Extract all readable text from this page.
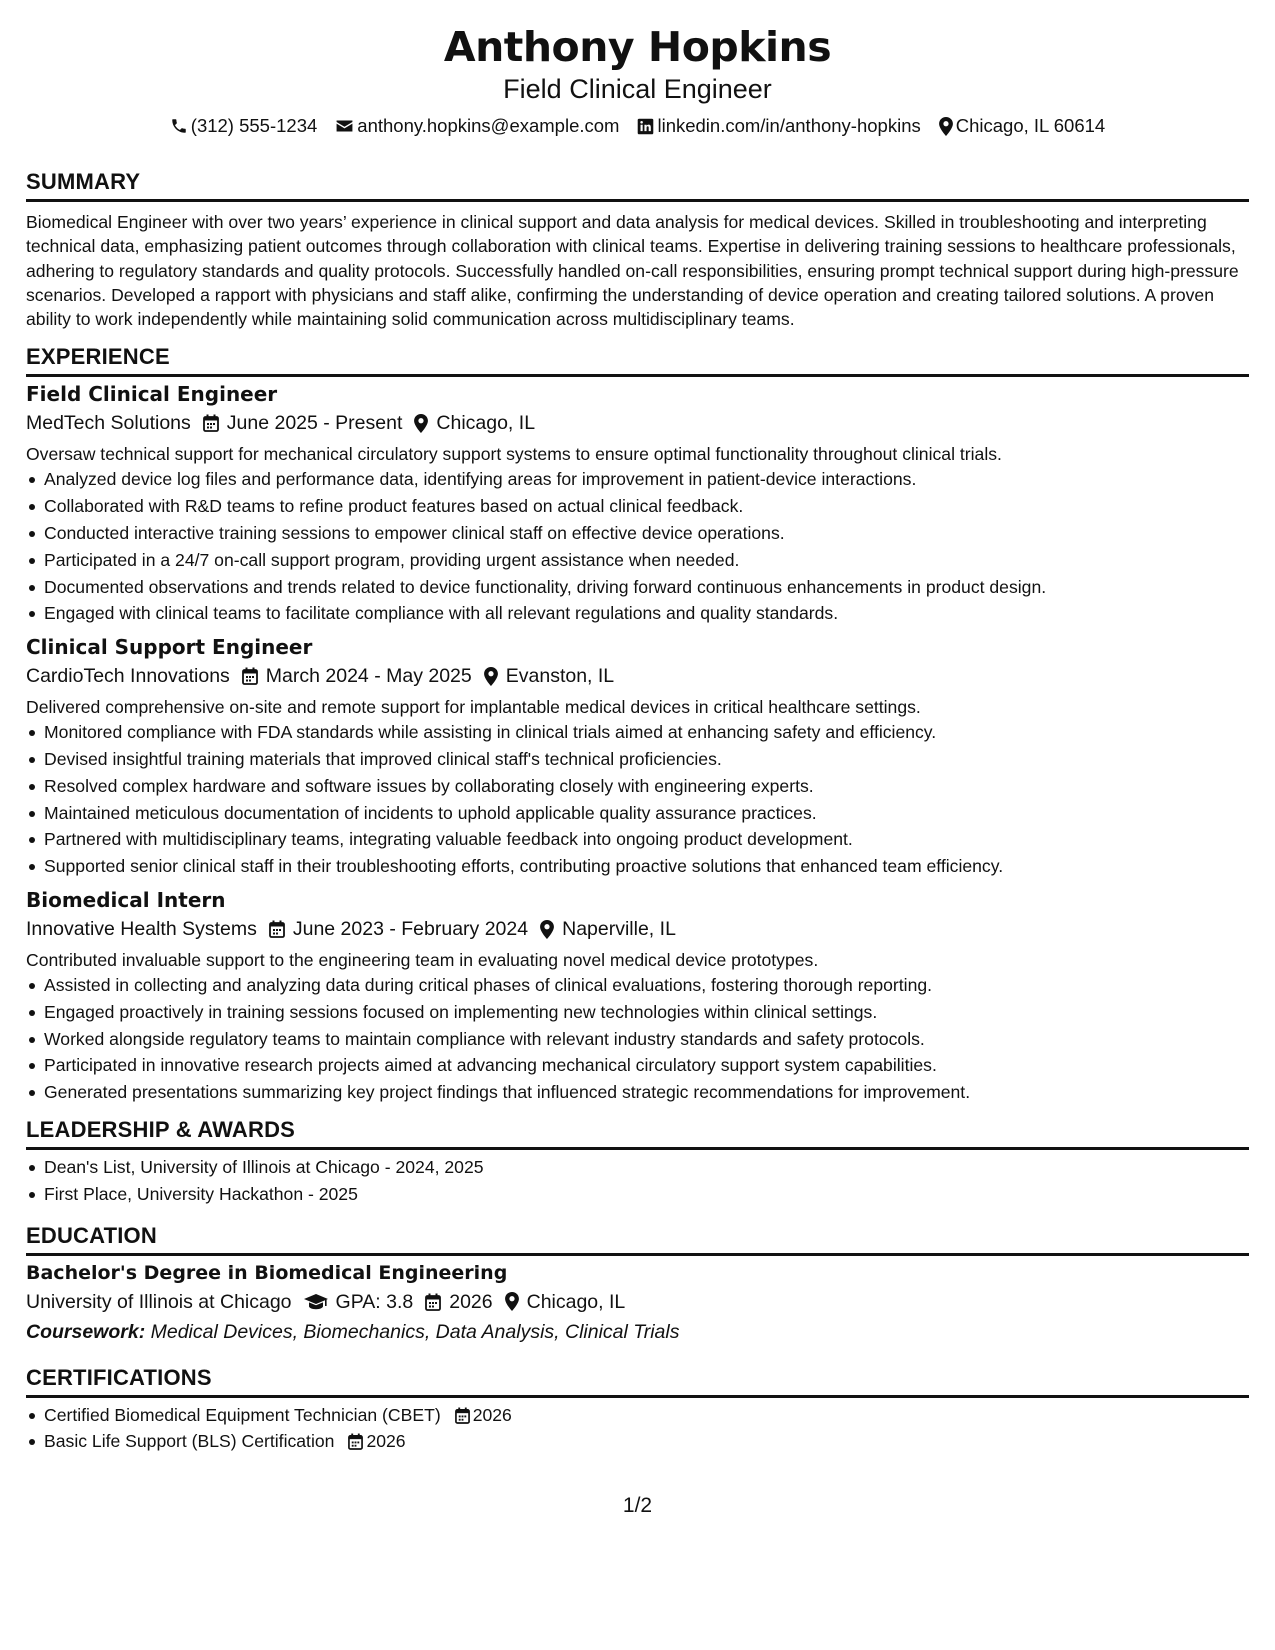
Anthony Hopkins
Field Clinical Engineer
(312) 555-1234 anthony.hopkins@example.com linkedin.com/in/anthony-hopkins Chicago, IL 60614
SUMMARY
Biomedical Engineer with over two years’ experience in clinical support and data analysis for medical devices. Skilled in troubleshooting and interpreting technical data, emphasizing patient outcomes through collaboration with clinical teams. Expertise in delivering training sessions to healthcare professionals, adhering to regulatory standards and quality protocols. Successfully handled on-call responsibilities, ensuring prompt technical support during high-pressure scenarios. Developed a rapport with physicians and staff alike, confirming the understanding of device operation and creating tailored solutions. A proven ability to work independently while maintaining solid communication across multidisciplinary teams.
EXPERIENCE
Field Clinical Engineer
MedTech Solutions June 2025 - Present Chicago, IL
Oversaw technical support for mechanical circulatory support systems to ensure optimal functionality throughout clinical trials.
Analyzed device log files and performance data, identifying areas for improvement in patient-device interactions.
Collaborated with R&D teams to refine product features based on actual clinical feedback.
Conducted interactive training sessions to empower clinical staff on effective device operations.
Participated in a 24/7 on-call support program, providing urgent assistance when needed.
Documented observations and trends related to device functionality, driving forward continuous enhancements in product design.
Engaged with clinical teams to facilitate compliance with all relevant regulations and quality standards.
Clinical Support Engineer
CardioTech Innovations March 2024 - May 2025 Evanston, IL
Delivered comprehensive on-site and remote support for implantable medical devices in critical healthcare settings.
Monitored compliance with FDA standards while assisting in clinical trials aimed at enhancing safety and efficiency.
Devised insightful training materials that improved clinical staff's technical proficiencies.
Resolved complex hardware and software issues by collaborating closely with engineering experts.
Maintained meticulous documentation of incidents to uphold applicable quality assurance practices.
Partnered with multidisciplinary teams, integrating valuable feedback into ongoing product development.
Supported senior clinical staff in their troubleshooting efforts, contributing proactive solutions that enhanced team efficiency.
Biomedical Intern
Innovative Health Systems June 2023 - February 2024 Naperville, IL
Contributed invaluable support to the engineering team in evaluating novel medical device prototypes.
Assisted in collecting and analyzing data during critical phases of clinical evaluations, fostering thorough reporting.
Engaged proactively in training sessions focused on implementing new technologies within clinical settings.
Worked alongside regulatory teams to maintain compliance with relevant industry standards and safety protocols.
Participated in innovative research projects aimed at advancing mechanical circulatory support system capabilities.
Generated presentations summarizing key project findings that influenced strategic recommendations for improvement.
LEADERSHIP & AWARDS
Dean's List, University of Illinois at Chicago - 2024, 2025
First Place, University Hackathon - 2025
EDUCATION
Bachelor's Degree in Biomedical Engineering
University of Illinois at Chicago GPA: 3.8 2026 Chicago, IL
Coursework: Medical Devices, Biomechanics, Data Analysis, Clinical Trials
CERTIFICATIONS
Certified Biomedical Equipment Technician (CBET) 2026
Basic Life Support (BLS) Certification 2026
1/2
